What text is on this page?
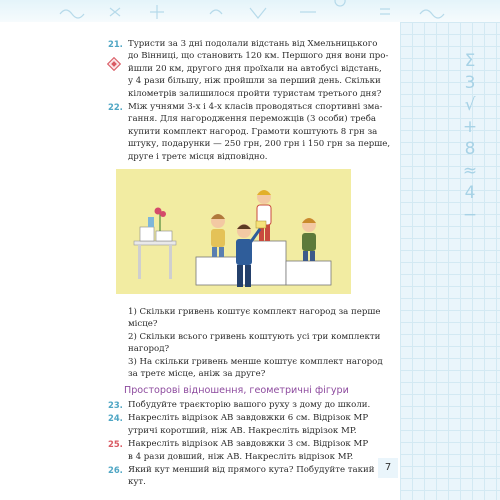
Σ
3
√
+
8
≈
4
−
21. Туристи за 3 дні подолали відстань від Хмельницького
до Вінниці, що становить 120 км. Першого дня вони про-
йшли 20 км, другого дня проїхали на автобусі відстань,
у 4 рази більшу, ніж пройшли за перший день. Скільки
кілометрів залишилося пройти туристам третього дня?
22. Між учнями 3-х і 4-х класів проводяться спортивні зма-
гання. Для нагородження переможців (3 особи) треба
купити комплект нагород. Грамоти коштують 8 грн за
штуку, подарунки — 250 грн, 200 грн і 150 грн за перше,
друге і третє місця відповідно.
1) Скільки гривень коштує комплект нагород за перше
місце?
2) Скільки всього гривень коштують усі три комплекти
нагород?
3) На скільки гривень менше коштує комплект нагород
за третє місце, аніж за друге?
Просторові відношення, геометричні фігури
23. Побудуйте траєкторію вашого руху з дому до школи.
24. Накресліть відрізок AB завдовжки 6 см. Відрізок MP
утричі коротший, ніж AB. Накресліть відрізок MP.
25. Накресліть відрізок AB завдовжки 3 см. Відрізок MP
в 4 рази довший, ніж AB. Накресліть відрізок MP.
26. Який кут менший від прямого кута? Побудуйте такий
кут.
7
